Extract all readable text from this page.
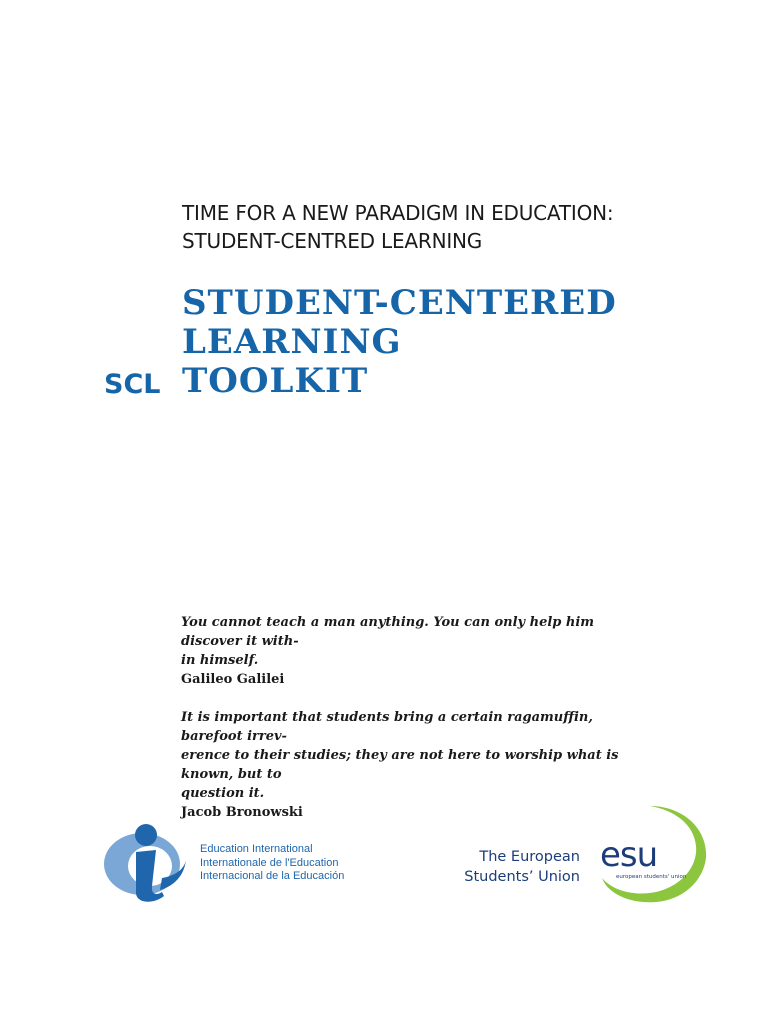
TIME FOR A NEW PARADIGM IN EDUCATION:
STUDENT-CENTRED LEARNING
STUDENT-CENTERED
LEARNING
TOOLKIT
SCL
You cannot teach a man anything. You can only help him discover it with-
in himself.
Galileo Galilei
It is important that students bring a certain ragamuffin, barefoot irrev-
erence to their studies; they are not here to worship what is known, but to
question it.
Jacob Bronowski
Education International
Internationale de l'Education
Internacional de la Educación
The European
Students’ Union
esu
european students' union
